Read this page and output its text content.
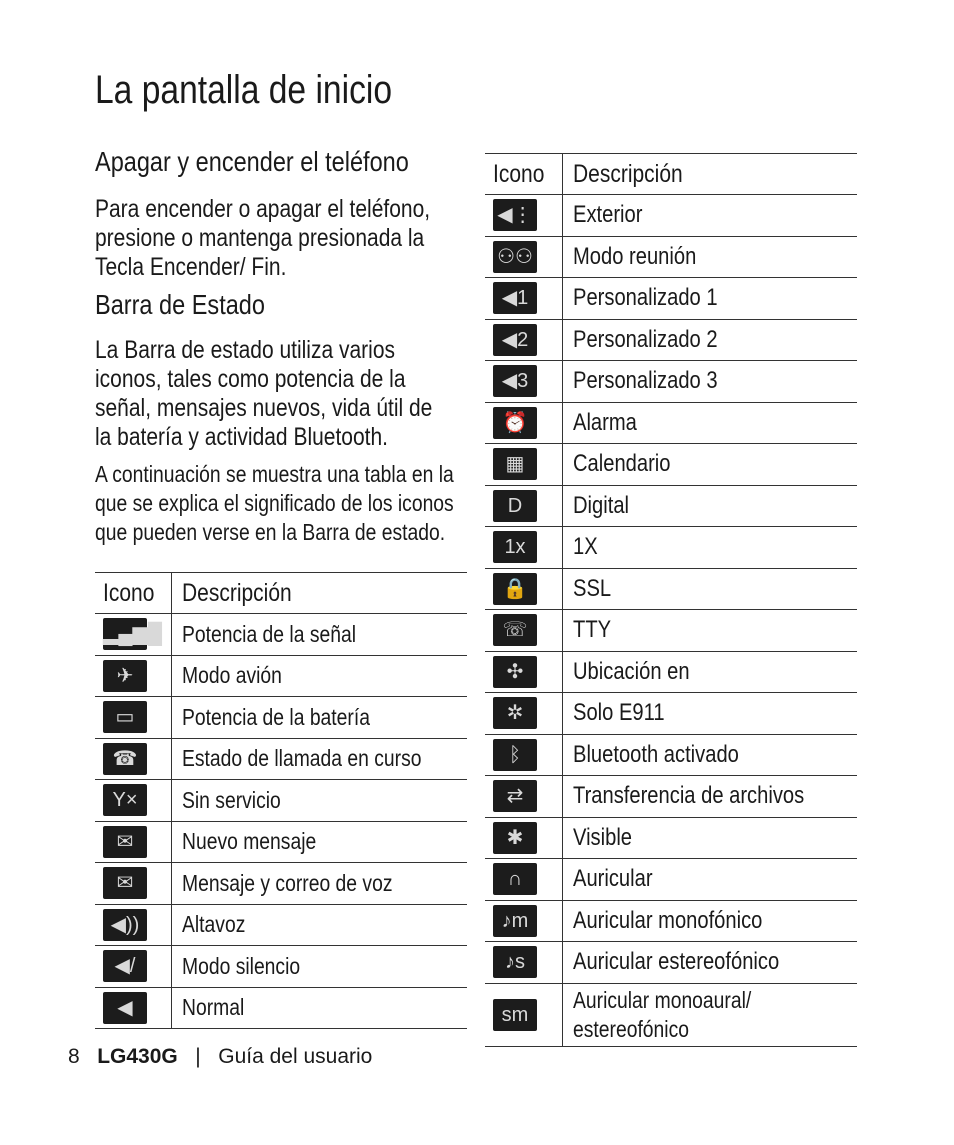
La pantalla de inicio
Apagar y encender el teléfono
Para encender o apagar el teléfono,
presione o mantenga presionada la
Tecla Encender/ Fin.
Barra de Estado
La Barra de estado utiliza varios
iconos, tales como potencia de la
señal, mensajes nuevos, vida útil de
la batería y actividad Bluetooth.
A continuación se muestra una tabla en la
que se explica el significado de los iconos
que pueden verse en la Barra de estado.
Icono	Descripción
▂▄▆█	Potencia de la señal
✈	Modo avión
▭	Potencia de la batería
☎	Estado de llamada en curso
Y×	Sin servicio
✉	Nuevo mensaje
✉	Mensaje y correo de voz
◀))	Altavoz
◀/	Modo silencio
◀	Normal
Icono	Descripción
◀⋮	Exterior
⚇⚇	Modo reunión
◀1	Personalizado 1
◀2	Personalizado 2
◀3	Personalizado 3
⏰	Alarma
▦	Calendario
D	Digital
1x	1X
🔒	SSL
☏	TTY
✣	Ubicación en
✲	Solo E911
ᛒ	Bluetooth activado
⇄	Transferencia de archivos
✱	Visible
∩	Auricular
♪m	Auricular monofónico
♪s	Auricular estereofónico
sm	Auricular monoaural/
estereofónico
8 LG430G | Guía del usuario
